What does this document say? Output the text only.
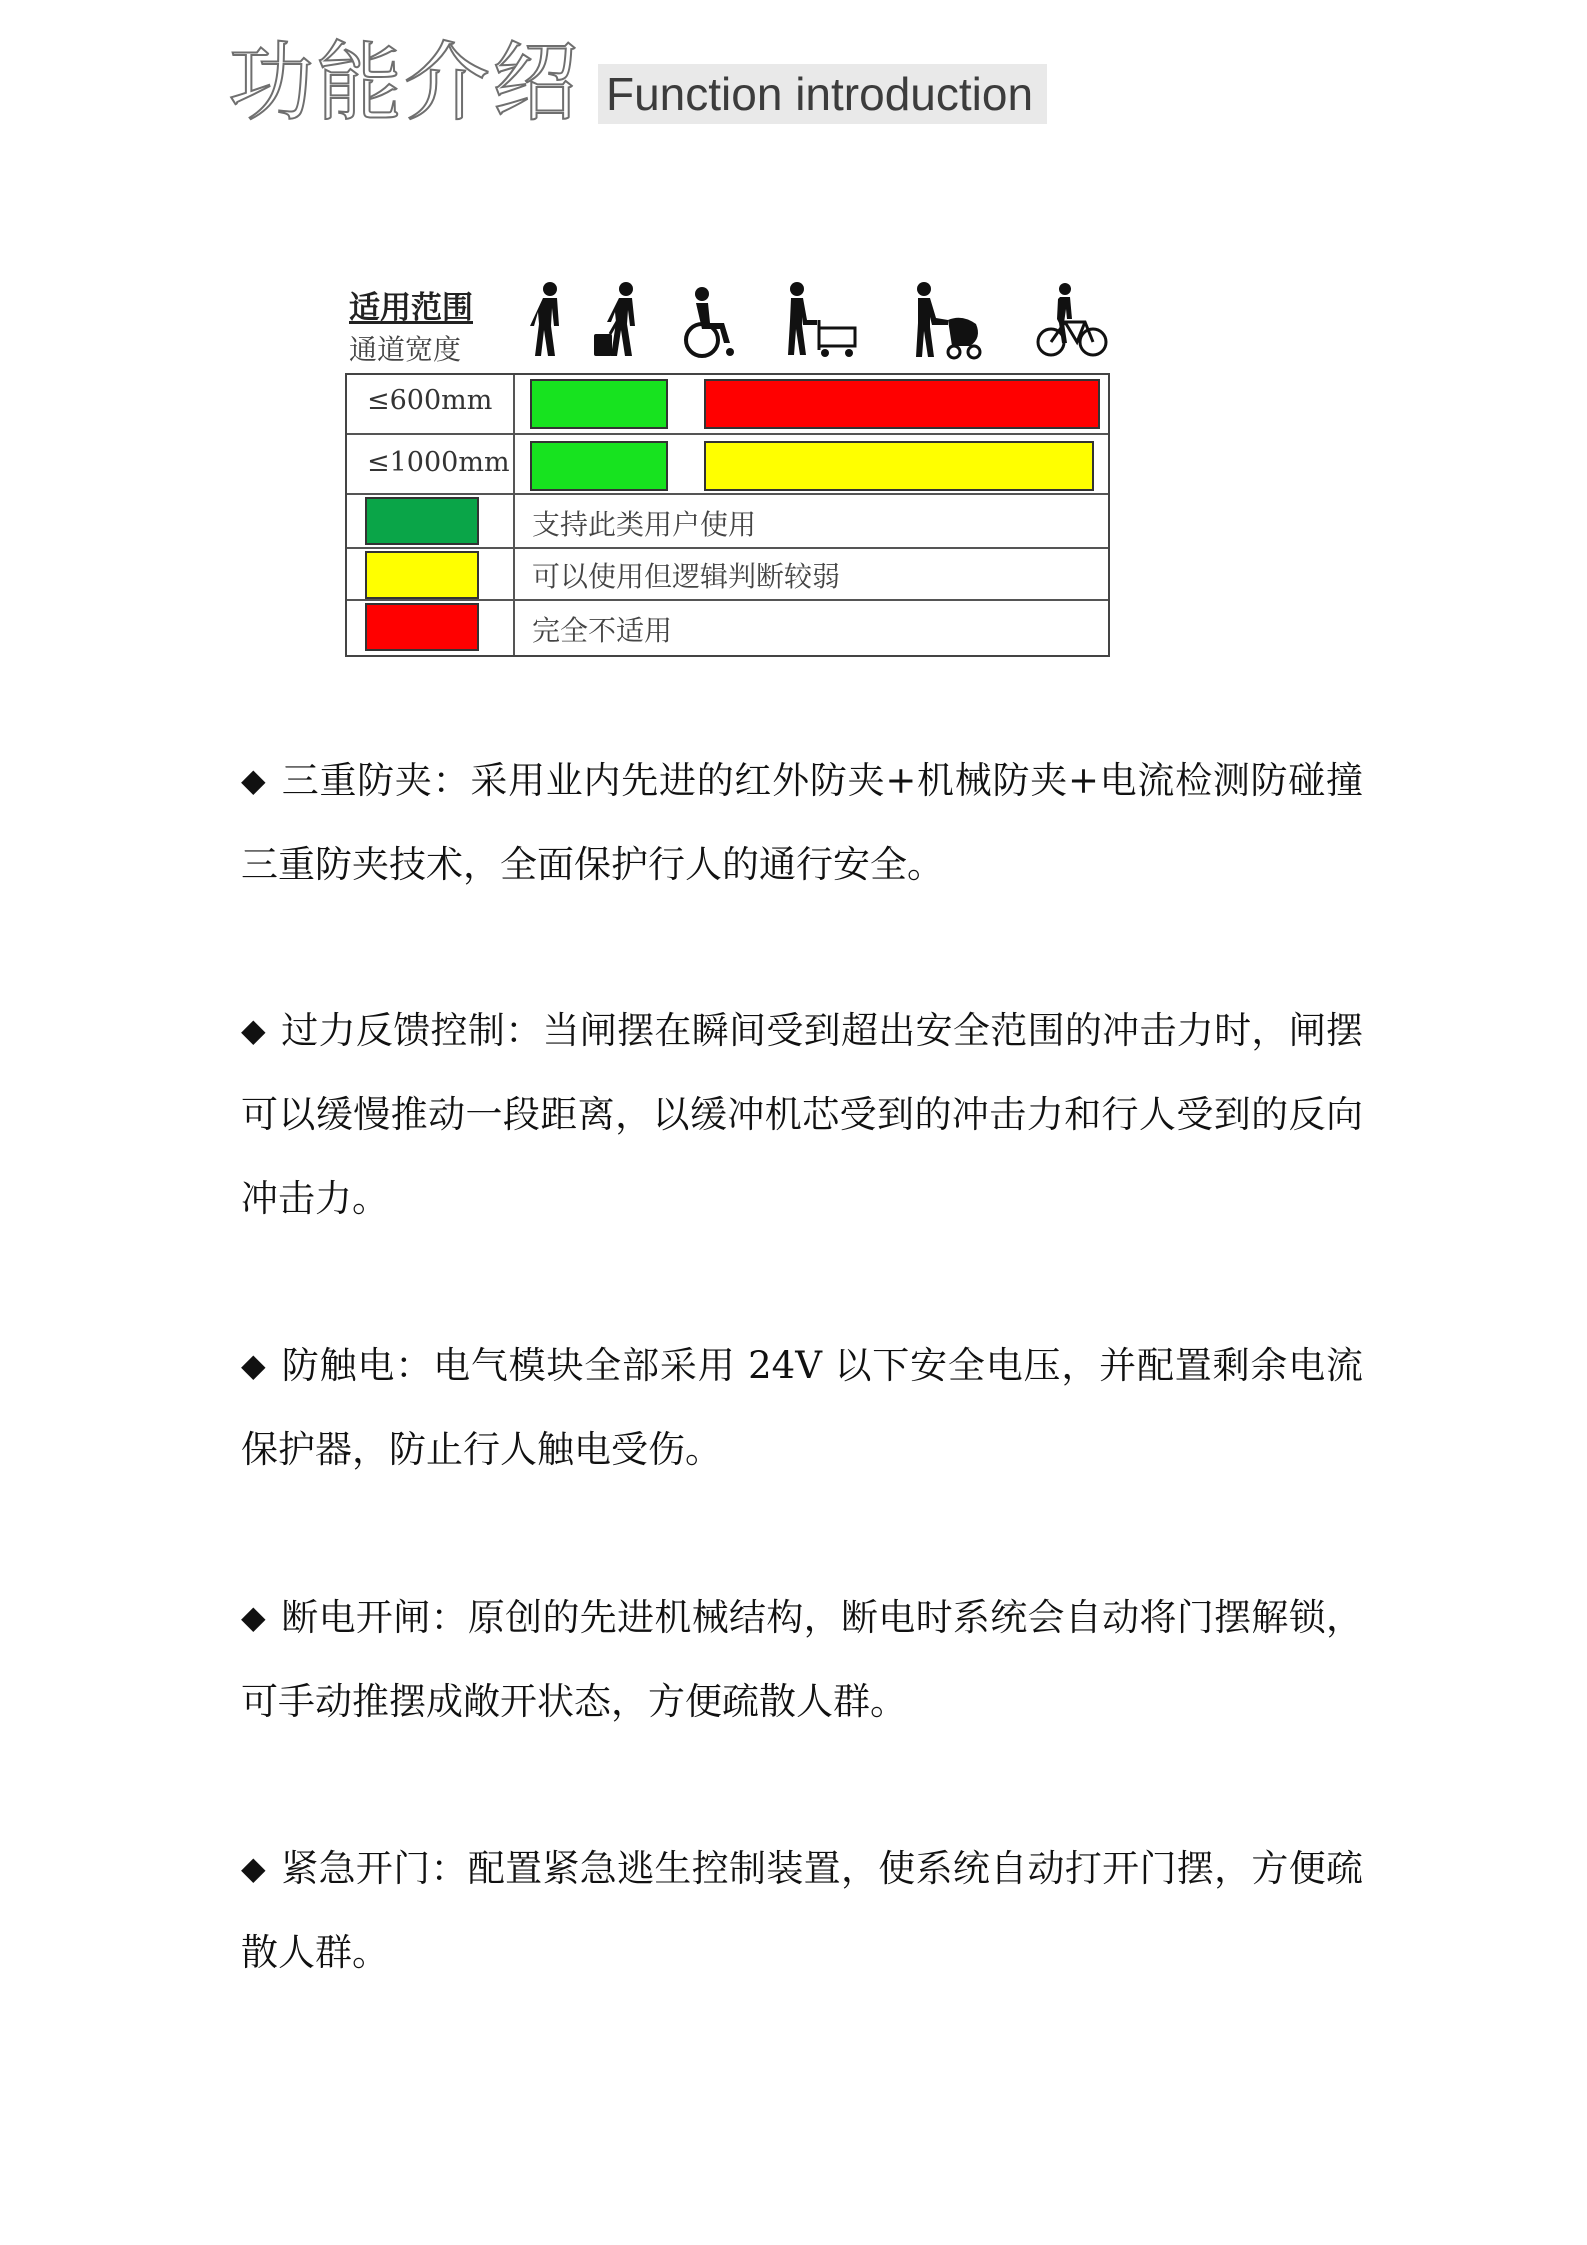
功能介绍 Function introduction
适用范围
通道宽度
≤600mm
≤1000mm
支持此类用户使用
可以使用但逻辑判断较弱
完全不适用
◆ 三重防夹：采用业内先进的红外防夹+机械防夹+电流检测防碰撞三重防夹技术，全面保护行人的通行安全。
◆ 过力反馈控制：当闸摆在瞬间受到超出安全范围的冲击力时，闸摆可以缓慢推动一段距离，以缓冲机芯受到的冲击力和行人受到的反向冲击力。
◆ 防触电：电气模块全部采用 24V 以下安全电压，并配置剩余电流保护器，防止行人触电受伤。
◆ 断电开闸：原创的先进机械结构，断电时系统会自动将门摆解锁，可手动推摆成敞开状态，方便疏散人群。
◆ 紧急开门：配置紧急逃生控制装置，使系统自动打开门摆，方便疏散人群。
